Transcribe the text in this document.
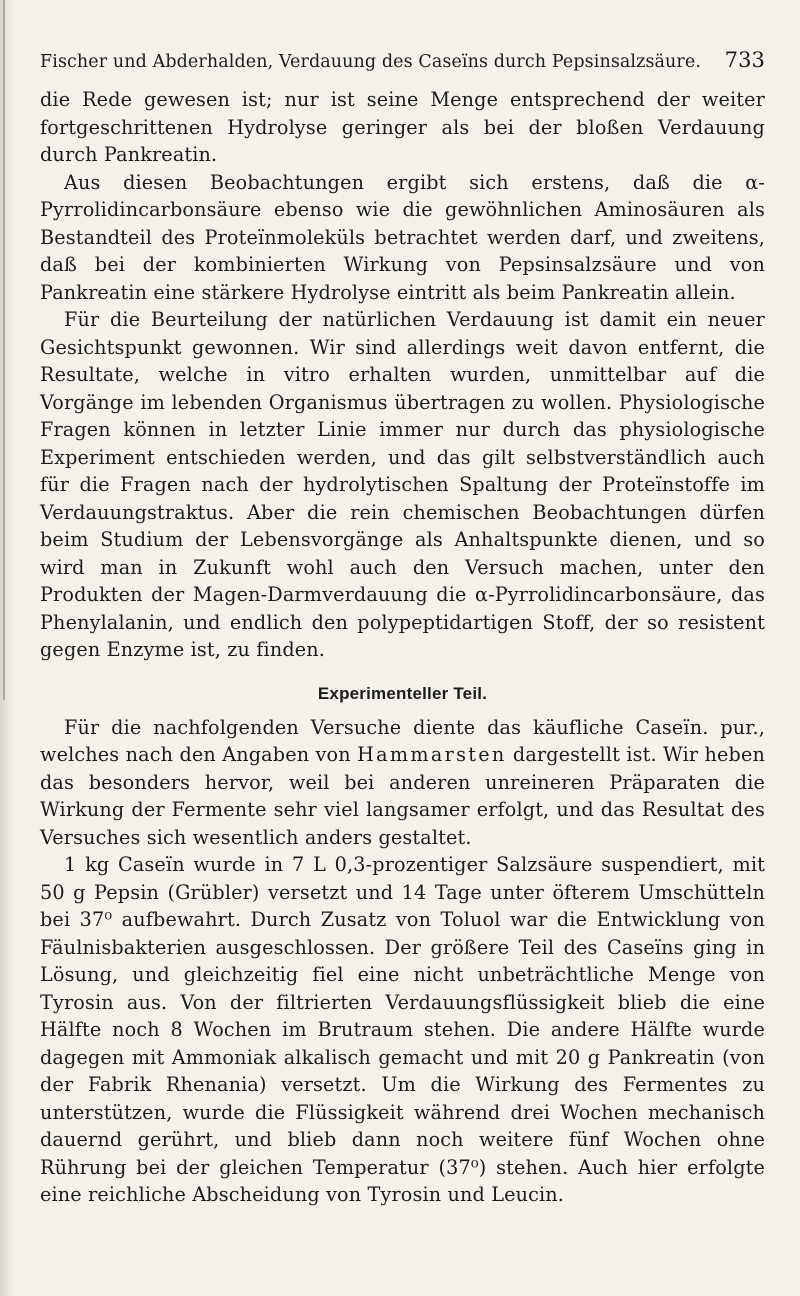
Fischer und Abderhalden, Verdauung des Caseïns durch Pepsinsalzsäure. 733

die Rede gewesen ist; nur ist seine Menge entsprechend der weiter fortgeschrittenen Hydrolyse geringer als bei der bloßen Verdauung durch Pankreatin.

Aus diesen Beobachtungen ergibt sich erstens, daß die α-Pyrrolidincarbonsäure ebenso wie die gewöhnlichen Aminosäuren als Bestandteil des Proteïnmoleküls betrachtet werden darf, und zweitens, daß bei der kombinierten Wirkung von Pepsinsalzsäure und von Pankreatin eine stärkere Hydrolyse eintritt als beim Pankreatin allein.

Für die Beurteilung der natürlichen Verdauung ist damit ein neuer Gesichtspunkt gewonnen. Wir sind allerdings weit davon entfernt, die Resultate, welche in vitro erhalten wurden, unmittelbar auf die Vorgänge im lebenden Organismus übertragen zu wollen. Physiologische Fragen können in letzter Linie immer nur durch das physiologische Experiment entschieden werden, und das gilt selbstverständlich auch für die Fragen nach der hydrolytischen Spaltung der Proteïnstoffe im Verdauungstraktus. Aber die rein chemischen Beobachtungen dürfen beim Studium der Lebensvorgänge als Anhaltspunkte dienen, und so wird man in Zukunft wohl auch den Versuch machen, unter den Produkten der Magen-Darmverdauung die α-Pyrrolidincarbonsäure, das Phenylalanin, und endlich den polypeptidartigen Stoff, der so resistent gegen Enzyme ist, zu finden.

Experimenteller Teil.

Für die nachfolgenden Versuche diente das käufliche Caseïn. pur., welches nach den Angaben von Hammarsten dargestellt ist. Wir heben das besonders hervor, weil bei anderen unreineren Präparaten die Wirkung der Fermente sehr viel langsamer erfolgt, und das Resultat des Versuches sich wesentlich anders gestaltet.

1 kg Caseïn wurde in 7 L 0,3-prozentiger Salzsäure suspendiert, mit 50 g Pepsin (Grübler) versetzt und 14 Tage unter öfterem Umschütteln bei 37⁰ aufbewahrt. Durch Zusatz von Toluol war die Entwicklung von Fäulnisbakterien ausgeschlossen. Der größere Teil des Caseïns ging in Lösung, und gleichzeitig fiel eine nicht unbeträchtliche Menge von Tyrosin aus. Von der filtrierten Verdauungsflüssigkeit blieb die eine Hälfte noch 8 Wochen im Brutraum stehen. Die andere Hälfte wurde dagegen mit Ammoniak alkalisch gemacht und mit 20 g Pankreatin (von der Fabrik Rhenania) versetzt. Um die Wirkung des Fermentes zu unterstützen, wurde die Flüssigkeit während drei Wochen mechanisch dauernd gerührt, und blieb dann noch weitere fünf Wochen ohne Rührung bei der gleichen Temperatur (37⁰) stehen. Auch hier erfolgte eine reichliche Abscheidung von Tyrosin und Leucin.
